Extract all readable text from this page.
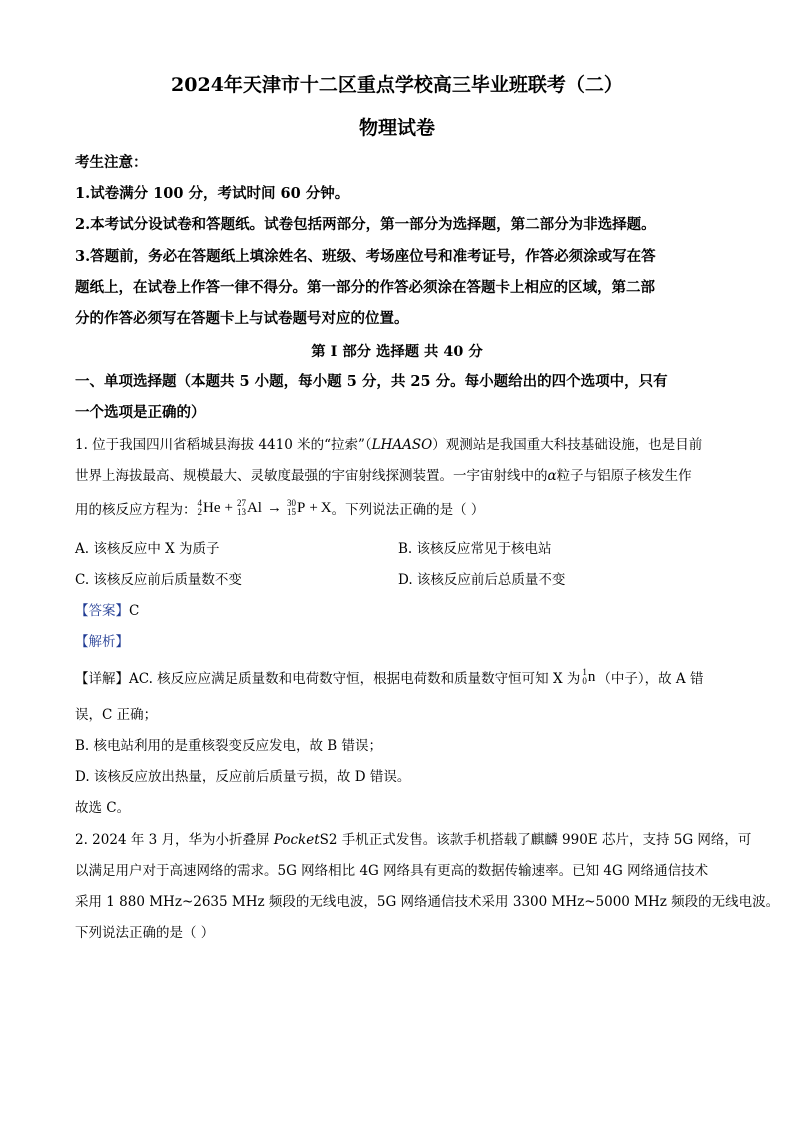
2024年天津市十二区重点学校高三毕业班联考（二）
物理试卷
考生注意：
1.试卷满分 100 分，考试时间 60 分钟。
2.本考试分设试卷和答题纸。试卷包括两部分，第一部分为选择题，第二部分为非选择题。
3.答题前，务必在答题纸上填涂姓名、班级、考场座位号和准考证号，作答必须涂或写在答
题纸上，在试卷上作答一律不得分。第一部分的作答必须涂在答题卡上相应的区域，第二部
分的作答必须写在答题卡上与试卷题号对应的位置。
第 I 部分 选择题 共 40 分
一、单项选择题（本题共 5 小题，每小题 5 分，共 25 分。每小题给出的四个选项中，只有
一个选项是正确的）
1. 位于我国四川省稻城县海拔 4410 米的“拉索”（LHAASO）观测站是我国重大科技基础设施，也是目前
世界上海拔最高、规模最大、灵敏度最强的宇宙射线探测装置。一宇宙射线中的α粒子与铝原子核发生作
用的核反应方程为： 4
2 He + 27
13 Al → 30
15 P + X 。下列说法正确的是（ ）
A. 该核反应中 X 为质子	B. 该核反应常见于核电站
C. 该核反应前后质量数不变	D. 该核反应前后总质量不变
【答案】C
【解析】
【详解】 AC. 核反应应满足质量数和电荷数守恒，根据电荷数和质量数守恒可知 X 为 1
0 n （中子），故 A 错
误，C 正确；
B. 核电站利用的是重核裂变反应发电，故 B 错误；
D. 该核反应放出热量，反应前后质量亏损，故 D 错误。
故选 C。
2. 2024 年 3 月，华为小折叠屏 PocketS2 手机正式发售。该款手机搭载了麒麟 990E 芯片，支持 5G 网络，可
以满足用户对于高速网络的需求。5G 网络相比 4G 网络具有更高的数据传输速率。已知 4G 网络通信技术
采用 1 880 MHz~2635 MHz 频段的无线电波，5G 网络通信技术采用 3300 MHz~5000 MHz 频段的无线电波。
下列说法正确的是（ ）
